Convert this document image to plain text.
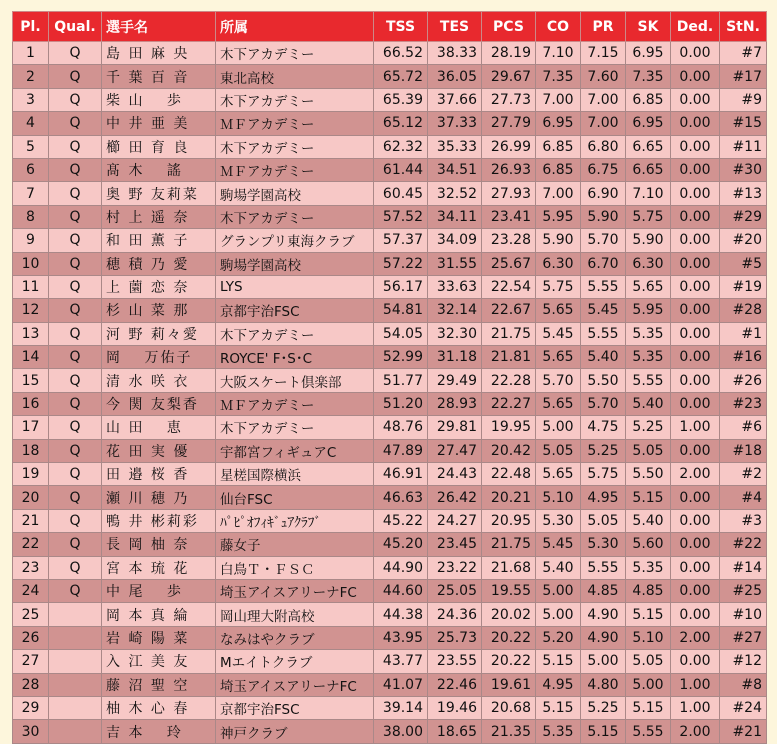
Pl.	Qual.	選手名	所属	TSS	TES	PCS	CO	PR	SK	Ded.	StN.
1	Q	島 田 麻 央	木下アカデミー	66.52	38.33	28.19	7.10	7.15	6.95	0.00	#7
2	Q	千 葉 百 音	東北高校	65.72	36.05	29.67	7.35	7.60	7.35	0.00	#17
3	Q	柴 山　 歩	木下アカデミー	65.39	37.66	27.73	7.00	7.00	6.85	0.00	#9
4	Q	中 井 亜 美	ＭＦアカデミー	65.12	37.33	27.79	6.95	7.00	6.95	0.00	#15
5	Q	櫛 田 育 良	木下アカデミー	62.32	35.33	26.99	6.85	6.80	6.65	0.00	#11
6	Q	髙 木　 謠	ＭＦアカデミー	61.44	34.51	26.93	6.85	6.75	6.65	0.00	#30
7	Q	奥 野 友莉菜	駒場学園高校	60.45	32.52	27.93	7.00	6.90	7.10	0.00	#13
8	Q	村 上 遥 奈	木下アカデミー	57.52	34.11	23.41	5.95	5.90	5.75	0.00	#29
9	Q	和 田 薫 子	グランプリ東海クラブ	57.37	34.09	23.28	5.90	5.70	5.90	0.00	#20
10	Q	穂 積 乃 愛	駒場学園高校	57.22	31.55	25.67	6.30	6.70	6.30	0.00	#5
11	Q	上 薗 恋 奈	LYS	56.17	33.63	22.54	5.75	5.55	5.65	0.00	#19
12	Q	杉 山 菜 那	京都宇治FSC	54.81	32.14	22.67	5.65	5.45	5.95	0.00	#28
13	Q	河 野 莉々愛	木下アカデミー	54.05	32.30	21.75	5.45	5.55	5.35	0.00	#1
14	Q	岡　 万佑子	ROYCE' F･S･C	52.99	31.18	21.81	5.65	5.40	5.35	0.00	#16
15	Q	清 水 咲 衣	大阪スケート倶楽部	51.77	29.49	22.28	5.70	5.50	5.55	0.00	#26
16	Q	今 関 友梨香	ＭＦアカデミー	51.20	28.93	22.27	5.65	5.70	5.40	0.00	#23
17	Q	山 田　 恵	木下アカデミー	48.76	29.81	19.95	5.00	4.75	5.25	1.00	#6
18	Q	花 田 実 優	宇都宮フィギュアC	47.89	27.47	20.42	5.05	5.25	5.05	0.00	#18
19	Q	田 邉 桜 香	星槎国際横浜	46.91	24.43	22.48	5.65	5.75	5.50	2.00	#2
20	Q	瀬 川 穂 乃	仙台FSC	46.63	26.42	20.21	5.10	4.95	5.15	0.00	#4
21	Q	鴨 井 彬莉彩	ﾊﾟﾋﾟｵﾌｨｷﾞｭｱｸﾗﾌﾞ	45.22	24.27	20.95	5.30	5.05	5.40	0.00	#3
22	Q	長 岡 柚 奈	藤女子	45.20	23.45	21.75	5.45	5.30	5.60	0.00	#22
23	Q	宮 本 琉 花	白鳥Ｔ・ＦＳＣ	44.90	23.22	21.68	5.40	5.55	5.35	0.00	#14
24	Q	中 尾　 歩	埼玉アイスアリーナFC	44.60	25.05	19.55	5.00	4.85	4.85	0.00	#25
25		岡 本 真 綸	岡山理大附高校	44.38	24.36	20.02	5.00	4.90	5.15	0.00	#10
26		岩 崎 陽 菜	なみはやクラブ	43.95	25.73	20.22	5.20	4.90	5.10	2.00	#27
27		入 江 美 友	Mエイトクラブ	43.77	23.55	20.22	5.15	5.00	5.05	0.00	#12
28		藤 沼 聖 空	埼玉アイスアリーナFC	41.07	22.46	19.61	4.95	4.80	5.00	1.00	#8
29		柚 木 心 春	京都宇治FSC	39.14	19.46	20.68	5.15	5.25	5.15	1.00	#24
30		吉 本　 玲	神戸クラブ	38.00	18.65	21.35	5.35	5.15	5.55	2.00	#21
